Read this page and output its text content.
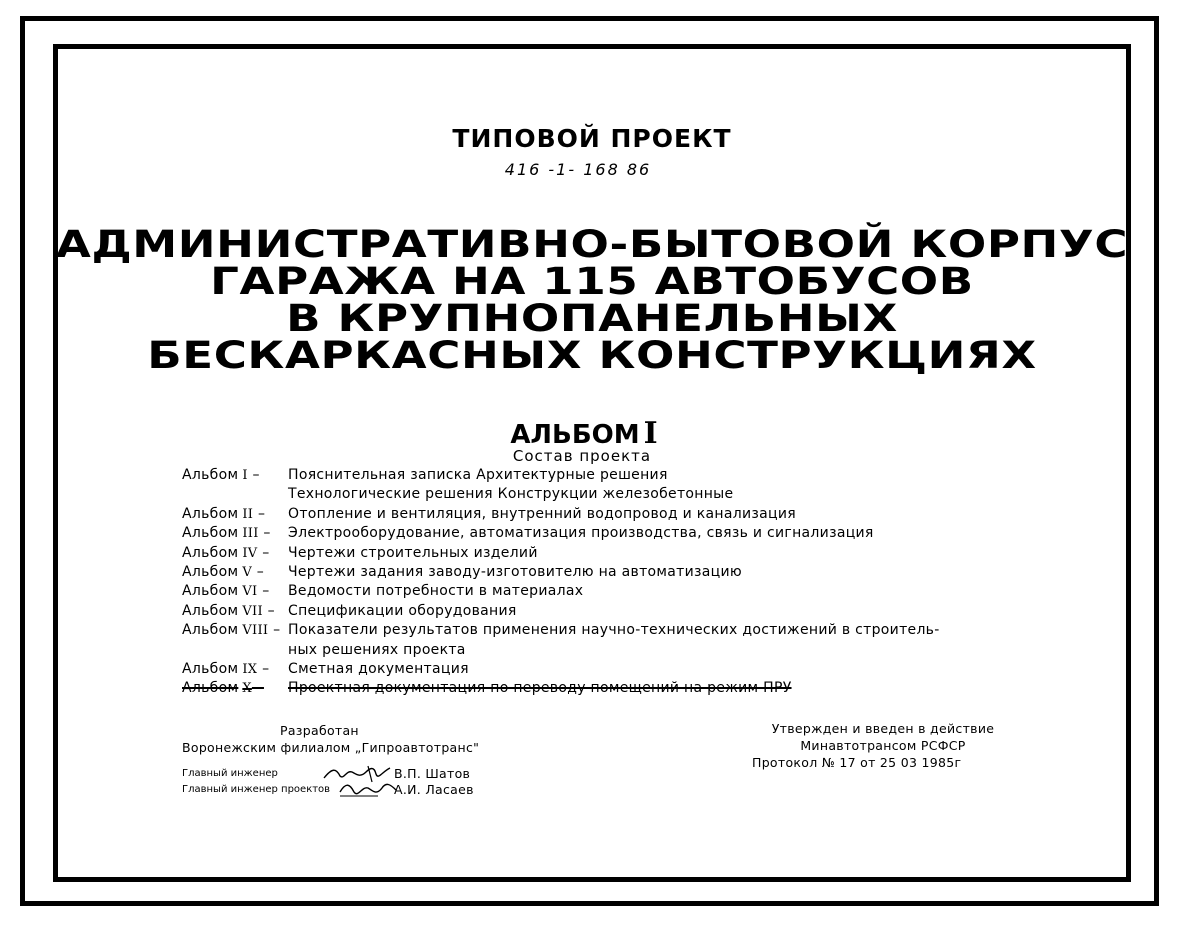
ТИПОВОЙ ПРОЕКТ
416 -1- 168 86
АДМИНИСТРАТИВНО-БЫТОВОЙ КОРПУС
ГАРАЖА НА 115 АВТОБУСОВ
В КРУПНОПАНЕЛЬНЫХ
БЕСКАРКАСНЫХ КОНСТРУКЦИЯХ
АЛЬБОМ I
Состав проекта
Альбом I –	Пояснительная записка Архитектурные решения
Технологические решения Конструкции железобетонные
Альбом II –	Отопление и вентиляция, внутренний водопровод и канализация
Альбом III –	Электрооборудование, автоматизация производства, связь и сигнализация
Альбом IV –	Чертежи строительных изделий
Альбом V –	Чертежи задания заводу-изготовителю на автоматизацию
Альбом VI –	Ведомости потребности в материалах
Альбом VII – Спецификации оборудования
Альбом VIII – Показатели результатов применения научно-технических достижений в строитель-
ных решениях проекта
Альбом IX –	Сметная документация
Альбом X –	Проектная документация по переводу помещений на режим ПРУ
Разработан
Воронежским филиалом „Гипроавтотранс"
Главный инженер	В.П. Шатов
Главный инженер проектов	А.И. Ласаев
Утвержден и введен в действие
Минавтотрансом РСФСР
Протокол № 17 от 25 03 1985г
